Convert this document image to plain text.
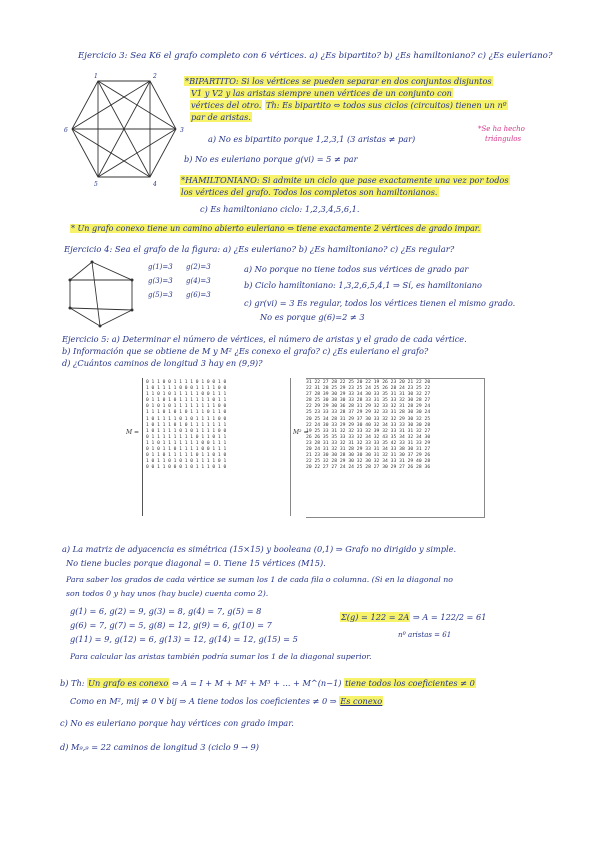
Ejercicio 3: Sea K6 el grafo completo con 6 vértices. a) ¿Es bipartito? b) ¿Es hamiltoniano? c) ¿Es euleriano?
1	2
3
4
5
6
*BIPARTITO: Si los vértices se pueden separar en dos conjuntos disjuntos
V1 y V2 y las aristas siempre unen vértices de un conjunto con
vértices del otro. Th: Es bipartito ⇔ todos sus ciclos (circuitos) tienen un nº
par de aristas.
a) No es bipartito porque 1,2,3,1 (3 aristas ≠ par)
*Se ha hecho
triángulos
b) No es euleriano porque g(vi) = 5 ≠ par
*HAMILTONIANO: Si admite un ciclo que pase exactamente una vez por todos
los vértices del grafo. Todos los completos son hamiltonianos.
c) Es hamiltoniano ciclo: 1,2,3,4,5,6,1.
* Un grafo conexo tiene un camino abierto euleriano ⇔ tiene exactamente 2 vértices de grado impar.
Ejercicio 4: Sea el grafo de la figura: a) ¿Es euleriano? b) ¿Es hamiltoniano? c) ¿Es regular?
g(1)=3 g(2)=3
g(3)=3 g(4)=3
g(5)=3 g(6)=3
a) No porque no tiene todos sus vértices de grado par
b) Ciclo hamiltoniano: 1,3,2,6,5,4,1 ⇒ Sí, es hamiltoniano
c) gr(vi) = 3 Es regular, todos los vértices tienen el mismo grado.
No es porque g(6)=2 ≠ 3
Ejercicio 5: a) Determinar el número de vértices, el número de aristas y el grado de cada vértice.
b) Información que se obtiene de M y M² ¿Es conexo el grafo? c) ¿Es euleriano el grafo?
d) ¿Cuántos caminos de longitud 3 hay en (9,9)?
M =
0 1 1 0 0 1 1 1 1 0 1 0 0 1 0
1 0 1 1 1 1 0 0 0 1 1 1 1 0 0
1 1 0 1 0 1 1 1 1 1 0 0 1 1 1
0 1 1 0 1 0 1 1 1 1 1 1 0 1 1
0 1 0 1 0 1 1 1 1 1 1 1 1 0 0
1 1 1 0 1 0 1 0 1 1 1 0 1 1 0
1 0 1 1 1 1 0 1 0 1 1 1 1 0 0
1 0 1 1 1 0 1 0 1 1 1 1 1 1 1
1 0 1 1 1 1 0 1 0 1 1 1 1 0 0
0 1 1 1 1 1 1 1 1 0 1 1 0 1 1
1 1 0 1 1 1 1 1 1 1 0 0 1 1 1
0 1 0 1 1 0 1 1 1 1 0 0 1 1 1
0 1 1 0 1 1 1 1 1 0 1 1 0 1 0
1 0 1 1 0 1 0 1 0 1 1 1 1 0 1
0 0 1 1 0 0 0 1 0 1 1 1 0 1 0
M² =
31 22 27 28 22 25 20 22 19 26 23 20 21 22 20
22 31 28 25 29 23 25 24 25 26 28 24 23 25 22
27 28 39 30 29 33 34 30 33 35 31 31 30 32 27
28 25 30 38 30 33 28 33 31 35 33 32 30 28 27
22 29 29 30 36 28 31 29 32 33 32 31 28 29 24
25 23 33 33 28 37 29 29 32 33 31 28 30 30 24
20 25 34 28 31 29 37 30 33 32 32 29 30 32 25
22 24 30 33 29 29 30 40 32 34 33 33 30 30 28
19 25 33 31 32 32 33 32 39 32 33 31 31 32 27
26 26 35 35 33 33 32 34 32 43 35 34 32 34 30
23 28 31 33 32 31 32 33 33 35 42 33 31 33 29
20 24 31 32 31 28 29 33 31 34 33 38 30 31 27
21 23 30 30 28 30 30 30 31 32 31 30 37 29 26
22 25 32 28 29 30 32 30 32 34 33 31 29 40 28
20 22 27 27 24 24 25 28 27 30 29 27 26 28 36
a) La matriz de adyacencia es simétrica (15×15) y booleana (0,1) ⇒ Grafo no dirigido y simple.
No tiene bucles porque diagonal = 0. Tiene 15 vértices (M15).
Para saber los grados de cada vértice se suman los 1 de cada fila o columna. (Si en la diagonal no
son todos 0 y hay unos (hay bucle) cuenta como 2).
g(1) = 6, g(2) = 9, g(3) = 8, g(4) = 7, g(5) = 8
g(6) = 7, g(7) = 5, g(8) = 12, g(9) = 6, g(10) = 7
g(11) = 9, g(12) = 6, g(13) = 12, g(14) = 12, g(15) = 5
Σ(g) = 122 = 2A ⇒ A = 122/2 = 61
nº aristas = 61
Para calcular las aristas también podría sumar los 1 de la diagonal superior.
b) Th: Un grafo es conexo ⇔ A = I + M + M² + M³ + ... + M^(n−1) tiene todos los coeficientes ≠ 0
Como en M², mij ≠ 0 ∀ bij ⇒ A tiene todos los coeficientes ≠ 0 ⇒ Es conexo
c) No es euleriano porque hay vértices con grado impar.
d) M₉,₉ = 22 caminos de longitud 3 (ciclo 9 → 9)
